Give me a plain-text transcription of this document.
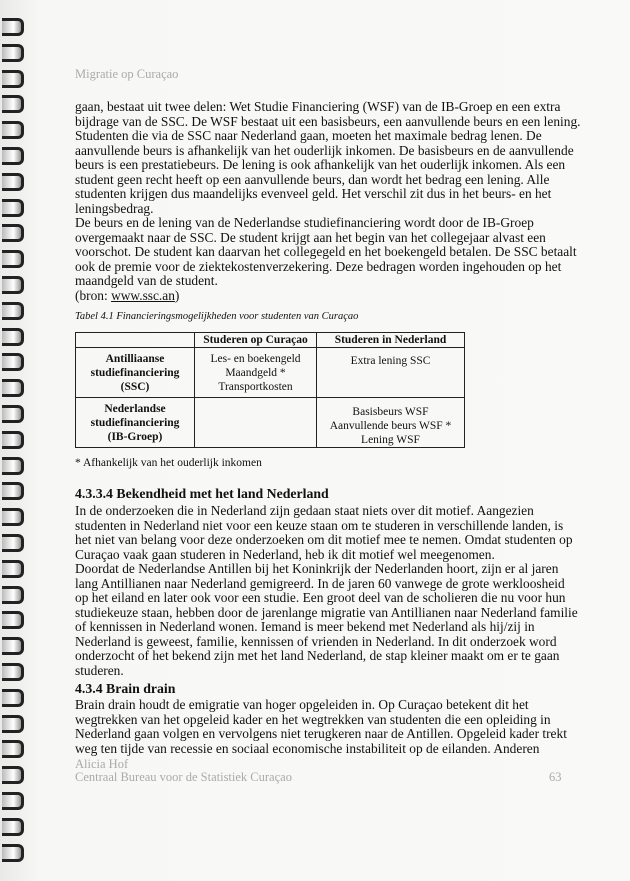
Migratie op Curaçao
gaan, bestaat uit twee delen: Wet Studie Financiering (WSF) van de IB-Groep en een extra
bijdrage van de SSC. De WSF bestaat uit een basisbeurs, een aanvullende beurs en een lening.
Studenten die via de SSC naar Nederland gaan, moeten het maximale bedrag lenen. De
aanvullende beurs is afhankelijk van het ouderlijk inkomen. De basisbeurs en de aanvullende
beurs is een prestatiebeurs. De lening is ook afhankelijk van het ouderlijk inkomen. Als een
student geen recht heeft op een aanvullende beurs, dan wordt het bedrag een lening. Alle
studenten krijgen dus maandelijks evenveel geld. Het verschil zit dus in het beurs- en het
leningsbedrag.
De beurs en de lening van de Nederlandse studiefinanciering wordt door de IB-Groep
overgemaakt naar de SSC. De student krijgt aan het begin van het collegejaar alvast een
voorschot. De student kan daarvan het collegegeld en het boekengeld betalen. De SSC betaalt
ook de premie voor de ziektekostenverzekering. Deze bedragen worden ingehouden op het
maandgeld van de student.
(bron: www.ssc.an)
Tabel 4.1 Financieringsmogelijkheden voor studenten van Curaçao
	Studeren op Curaçao	Studeren in Nederland

Antilliaanse
studiefinanciering
(SSC)	Les- en boekengeld
Maandgeld *
Transportkosten	Extra lening SSC

Nederlandse
studiefinanciering
(IB-Groep)		Basisbeurs WSF
Aanvullende beurs WSF *
Lening WSF
* Afhankelijk van het ouderlijk inkomen
4.3.3.4 Bekendheid met het land Nederland
In de onderzoeken die in Nederland zijn gedaan staat niets over dit motief. Aangezien
studenten in Nederland niet voor een keuze staan om te studeren in verschillende landen, is
het niet van belang voor deze onderzoeken om dit motief mee te nemen. Omdat studenten op
Curaçao vaak gaan studeren in Nederland, heb ik dit motief wel meegenomen.
Doordat de Nederlandse Antillen bij het Koninkrijk der Nederlanden hoort, zijn er al jaren
lang Antillianen naar Nederland gemigreerd. In de jaren 60 vanwege de grote werkloosheid
op het eiland en later ook voor een studie. Een groot deel van de scholieren die nu voor hun
studiekeuze staan, hebben door de jarenlange migratie van Antillianen naar Nederland familie
of kennissen in Nederland wonen. Iemand is meer bekend met Nederland als hij/zij in
Nederland is geweest, familie, kennissen of vrienden in Nederland. In dit onderzoek word
onderzocht of het bekend zijn met het land Nederland, de stap kleiner maakt om er te gaan
studeren.
4.3.4 Brain drain
Brain drain houdt de emigratie van hoger opgeleiden in. Op Curaçao betekent dit het
wegtrekken van het opgeleid kader en het wegtrekken van studenten die een opleiding in
Nederland gaan volgen en vervolgens niet terugkeren naar de Antillen. Opgeleid kader trekt
weg ten tijde van recessie en sociaal economische instabiliteit op de eilanden. Anderen
Alicia Hof
Centraal Bureau voor de Statistiek Curaçao	63
